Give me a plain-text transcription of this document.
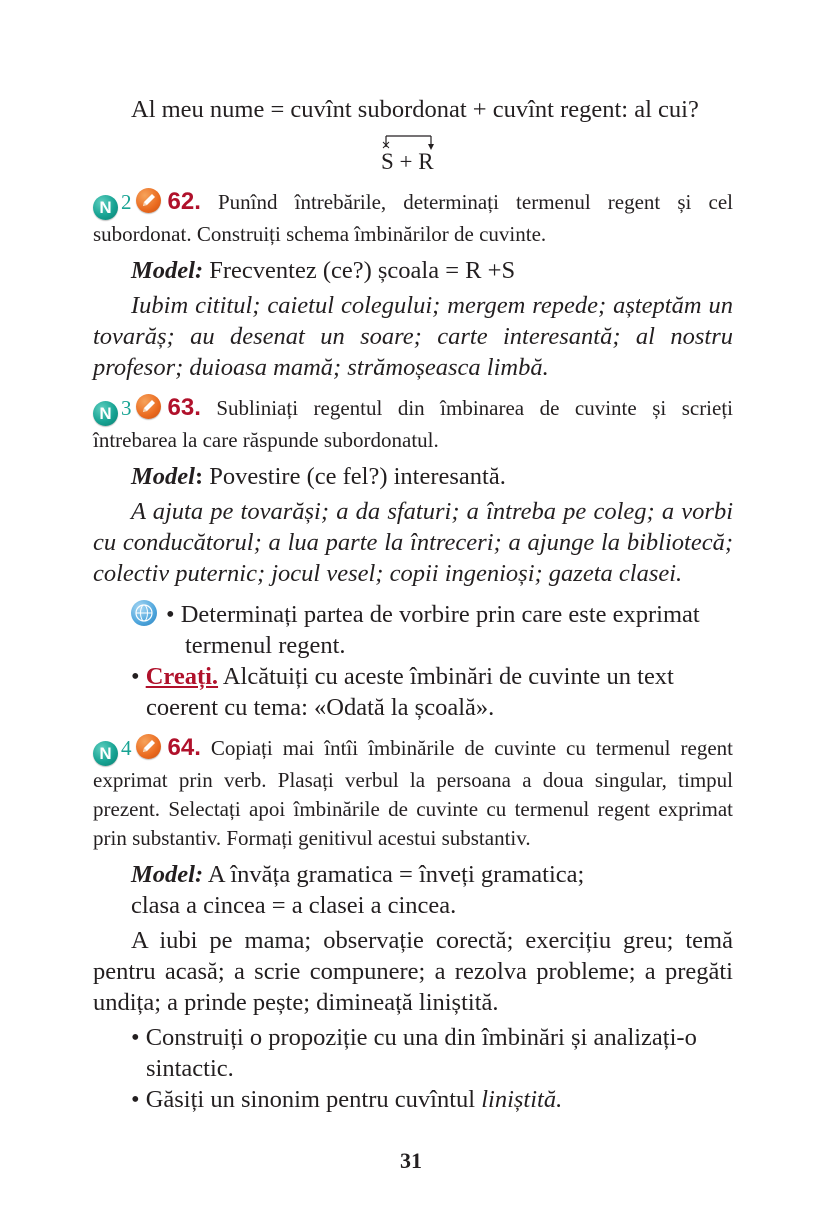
Al meu nume = cuvînt subordonat + cuvînt regent: al cui?

S + R

N 2 62. Punînd întrebările, determinați termenul regent și cel subordonat. Construiți schema îmbinărilor de cuvinte.

Model: Frecventez (ce?) școala = R +S

Iubim cititul; caietul colegului; mergem repede; așteptăm un tovarăș; au desenat un soare; carte interesantă; al nostru profesor; duioasa mamă; strămoșeasca limbă.

N 3 63. Subliniați regentul din îmbinarea de cuvinte și scrieți întrebarea la care răspunde subordonatul.

Model: Povestire (ce fel?) interesantă.

A ajuta pe tovarăși; a da sfaturi; a întreba pe coleg; a vorbi cu conducătorul; a lua parte la întreceri; a ajunge la bibliotecă; colectiv puternic; jocul vesel; copii ingenioși; gazeta clasei.

• Determinați partea de vorbire prin care este exprimat
termenul regent.
• Creați. Alcătuiți cu aceste îmbinări de cuvinte un text
coerent cu tema: «Odată la școală».

N 4 64. Copiați mai întîi îmbinările de cuvinte cu termenul regent exprimat prin verb. Plasați verbul la persoana a doua singular, timpul prezent. Selectați apoi îmbinările de cuvinte cu termenul regent exprimat prin substantiv. Formați genitivul acestui substantiv.

Model: A învăța gramatica = înveți gramatica;

clasa a cincea = a clasei a cincea.

A iubi pe mama; observație corectă; exercițiu greu; temă pentru acasă; a scrie compunere; a rezolva probleme; a pregăti undița; a prinde pește; dimineață liniștită.

• Construiți o propoziție cu una din îmbinări și analizați-o
sintactic.
• Găsiți un sinonim pentru cuvîntul liniștită.
31
